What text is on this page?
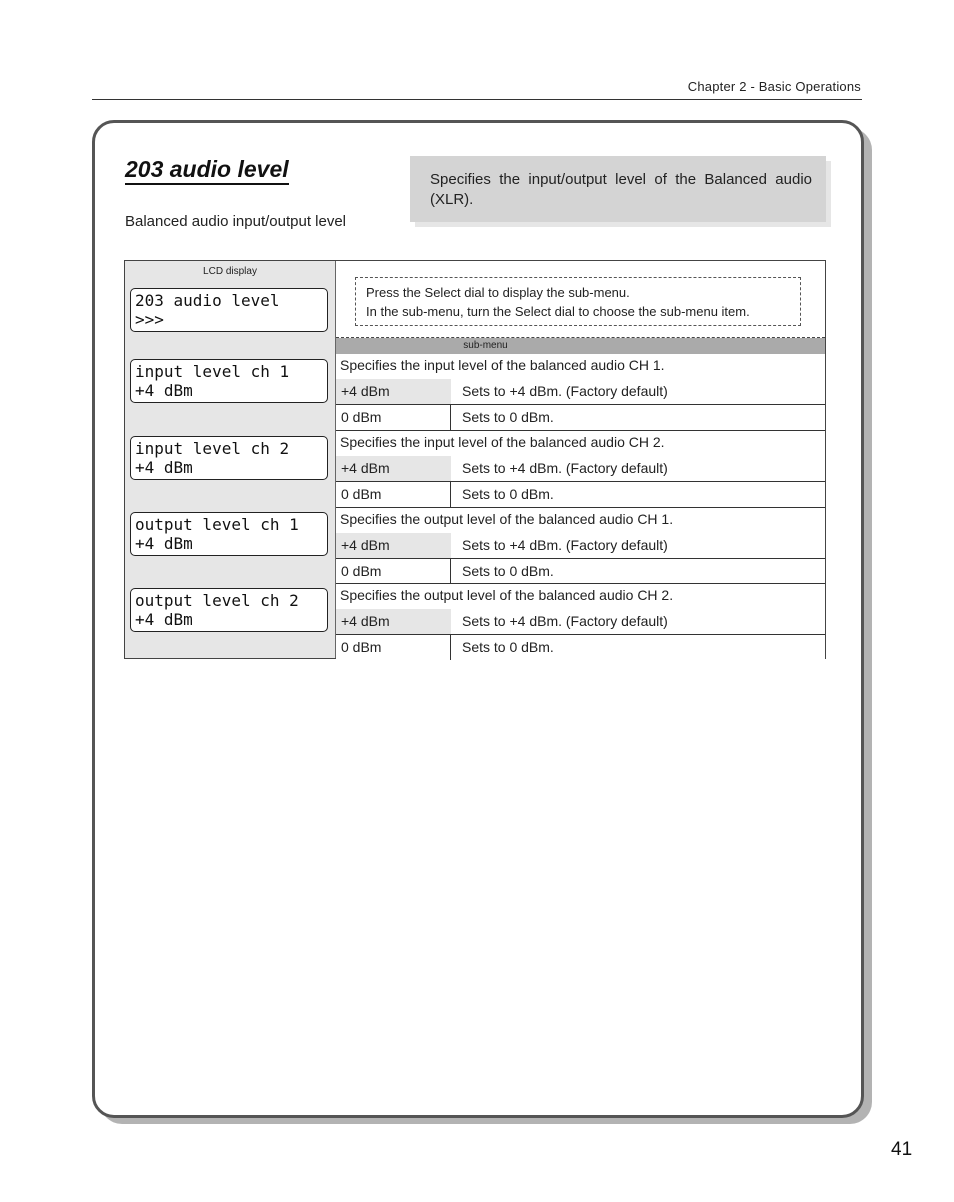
Chapter 2 - Basic Operations
203 audio level
Balanced audio input/output level
Specifies the input/output level of the Balanced audio (XLR).
LCD display
203 audio level
>>>
input level ch 1
+4 dBm
input level ch 2
+4 dBm
output level ch 1
+4 dBm
output level ch 2
+4 dBm
Press the Select dial to display the sub-menu.
In the sub-menu, turn the Select dial to choose the sub-menu item.
sub-menu
Specifies the input level of the balanced audio CH 1.
+4 dBm	Sets to +4 dBm. (Factory default)
0 dBm	Sets to 0 dBm.
Specifies the input level of the balanced audio CH 2.
+4 dBm	Sets to +4 dBm. (Factory default)
0 dBm	Sets to 0 dBm.
Specifies the output level of the balanced audio CH 1.
+4 dBm	Sets to +4 dBm. (Factory default)
0 dBm	Sets to 0 dBm.
Specifies the output level of the balanced audio CH 2.
+4 dBm	Sets to +4 dBm. (Factory default)
0 dBm	Sets to 0 dBm.
41
